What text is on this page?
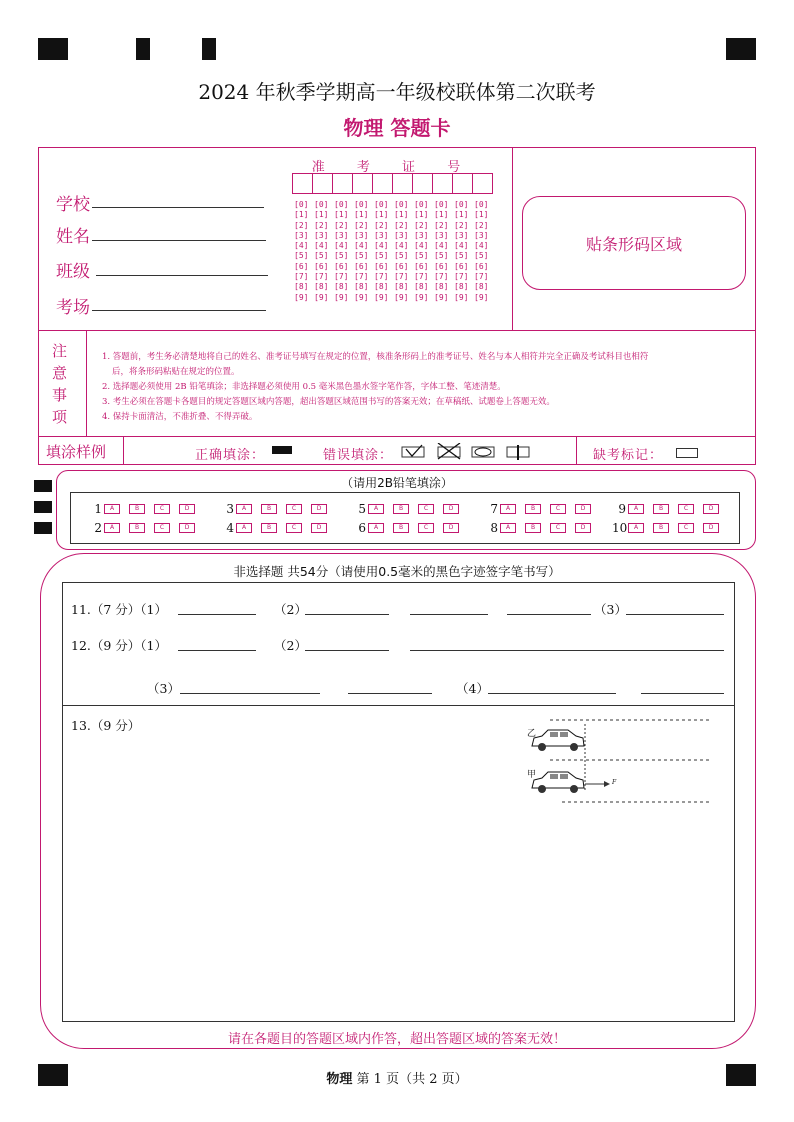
2024 年秋季学期高一年级校联体第二次联考
物理 答题卡
学校
姓名
班级
考场
准 考 证 号
[0] [0] [0] [0] [0] [0] [0] [0] [0] [0]
[1] [1] [1] [1] [1] [1] [1] [1] [1] [1]
[2] [2] [2] [2] [2] [2] [2] [2] [2] [2]
[3] [3] [3] [3] [3] [3] [3] [3] [3] [3]
[4] [4] [4] [4] [4] [4] [4] [4] [4] [4]
[5] [5] [5] [5] [5] [5] [5] [5] [5] [5]
[6] [6] [6] [6] [6] [6] [6] [6] [6] [6]
[7] [7] [7] [7] [7] [7] [7] [7] [7] [7]
[8] [8] [8] [8] [8] [8] [8] [8] [8] [8]
[9] [9] [9] [9] [9] [9] [9] [9] [9] [9]
贴条形码区域
注意事项
1. 答题前，考生务必清楚地将自己的姓名、准考证号填写在规定的位置，核准条形码上的准考证号、姓名与本人相符并完全正确及考试科目也相符
后，将条形码粘贴在规定的位置。
2. 选择题必须使用 2B 铅笔填涂；非选择题必须使用 0.5 毫米黑色墨水签字笔作答，字体工整、笔迹清楚。
3. 考生必须在答题卡各题目的规定答题区域内答题，超出答题区域范围书写的答案无效；在草稿纸、试题卷上答题无效。
4. 保持卡面清洁，不准折叠、不得弄破。
填涂样例	正确填涂：	错误填涂：	缺考标记：
（请用2B铅笔填涂）
1	A	B	C	D
2	A	B	C	D
3	A	B	C	D
4	A	B	C	D
5	A	B	C	D
6	A	B	C	D
7	A	B	C	D
8	A	B	C	D
9	A	B	C	D
10	A	B	C	D
非选择题 共54分（请使用0.5毫米的黑色字迹签字笔书写）
11.（7 分）（1）	（2）	（3）
12.（9 分）（1）	（2）
（3）	（4）
13.（9 分）
乙
甲
F
请在各题目的答题区域内作答，超出答题区域的答案无效！
物理 第 1 页（共 2 页）
